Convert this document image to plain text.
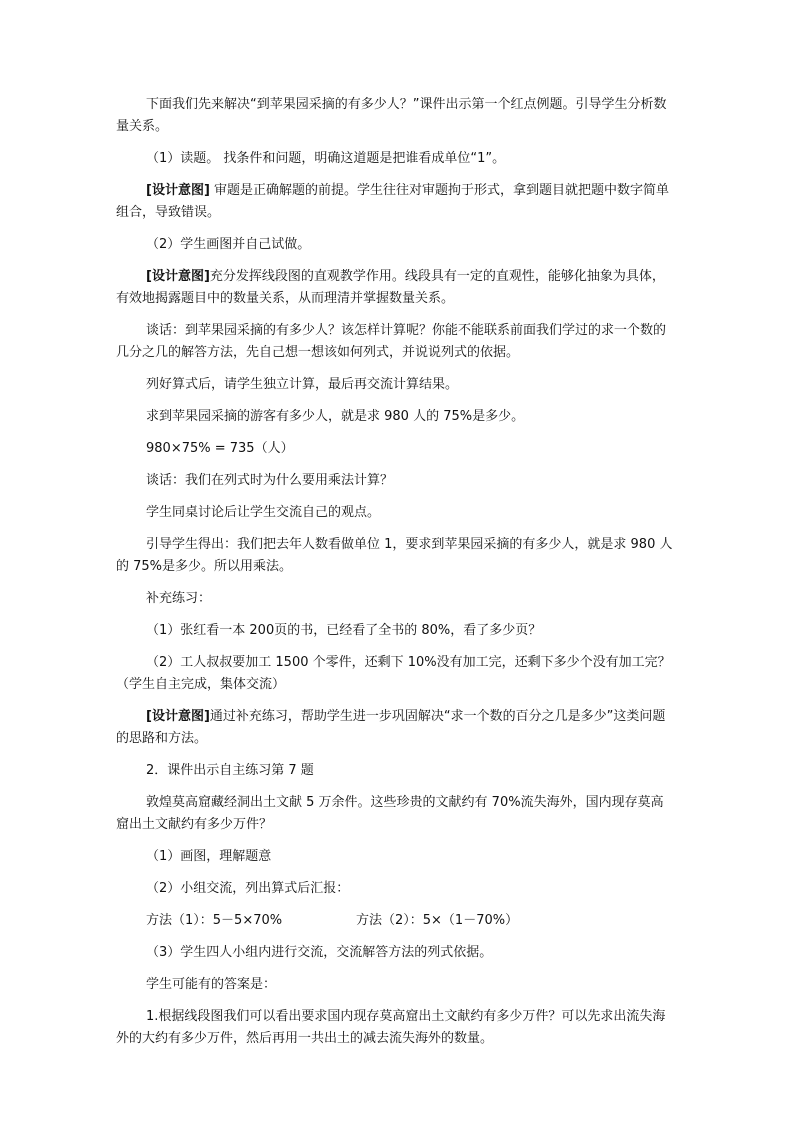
下面我们先来解决“到苹果园采摘的有多少人？”课件出示第一个红点例题。引导学生分析数量关系。

（1）读题。 找条件和问题，明确这道题是把谁看成单位“1”。

[设计意图] 审题是正确解题的前提。学生往往对审题拘于形式，拿到题目就把题中数字简单组合，导致错误。

（2）学生画图并自己试做。

[设计意图]充分发挥线段图的直观教学作用。线段具有一定的直观性，能够化抽象为具体，有效地揭露题目中的数量关系，从而理清并掌握数量关系。

谈话：到苹果园采摘的有多少人？该怎样计算呢？你能不能联系前面我们学过的求一个数的几分之几的解答方法，先自己想一想该如何列式，并说说列式的依据。

列好算式后，请学生独立计算，最后再交流计算结果。

求到苹果园采摘的游客有多少人，就是求 980 人的 75%是多少。

980×75% = 735（人）

谈话：我们在列式时为什么要用乘法计算？

学生同桌讨论后让学生交流自己的观点。

引导学生得出：我们把去年人数看做单位 1，要求到苹果园采摘的有多少人，就是求 980 人的 75%是多少。所以用乘法。

补充练习：

（1）张红看一本 200页的书，已经看了全书的 80%，看了多少页？

（2）工人叔叔要加工 1500 个零件，还剩下 10%没有加工完，还剩下多少个没有加工完？（学生自主完成，集体交流）

[设计意图]通过补充练习，帮助学生进一步巩固解决“求一个数的百分之几是多少”这类问题的思路和方法。

2．课件出示自主练习第 7 题

敦煌莫高窟藏经洞出土文献 5 万余件。这些珍贵的文献约有 70%流失海外，国内现存莫高窟出土文献约有多少万件？

（1）画图，理解题意

（2）小组交流，列出算式后汇报：

方法（1）：5－5×70%	方法（2）：5×（1－70%）

（3）学生四人小组内进行交流，交流解答方法的列式依据。

学生可能有的答案是：

1.根据线段图我们可以看出要求国内现存莫高窟出土文献约有多少万件？可以先求出流失海外的大约有多少万件，然后再用一共出土的减去流失海外的数量。
